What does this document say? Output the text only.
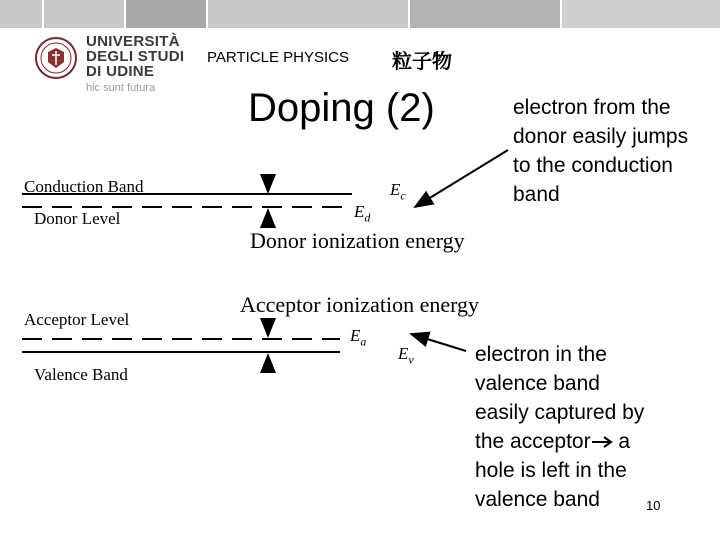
UNIVERSITÀ
DEGLI STUDI
DI UDINE
hic sunt futura
PARTICLE PHYSICS 粒子物
Doping (2)
Conduction Band
Donor Level
Acceptor Level
Valence Band
$E_c$
$E_d$
$E_a$
$E_v$
Donor ionization energy
Acceptor ionization energy
electron from the
donor easily jumps
to the conduction
band
electron in the
valence band
easily captured by
the acceptor a
hole is left in the
valence band	10
